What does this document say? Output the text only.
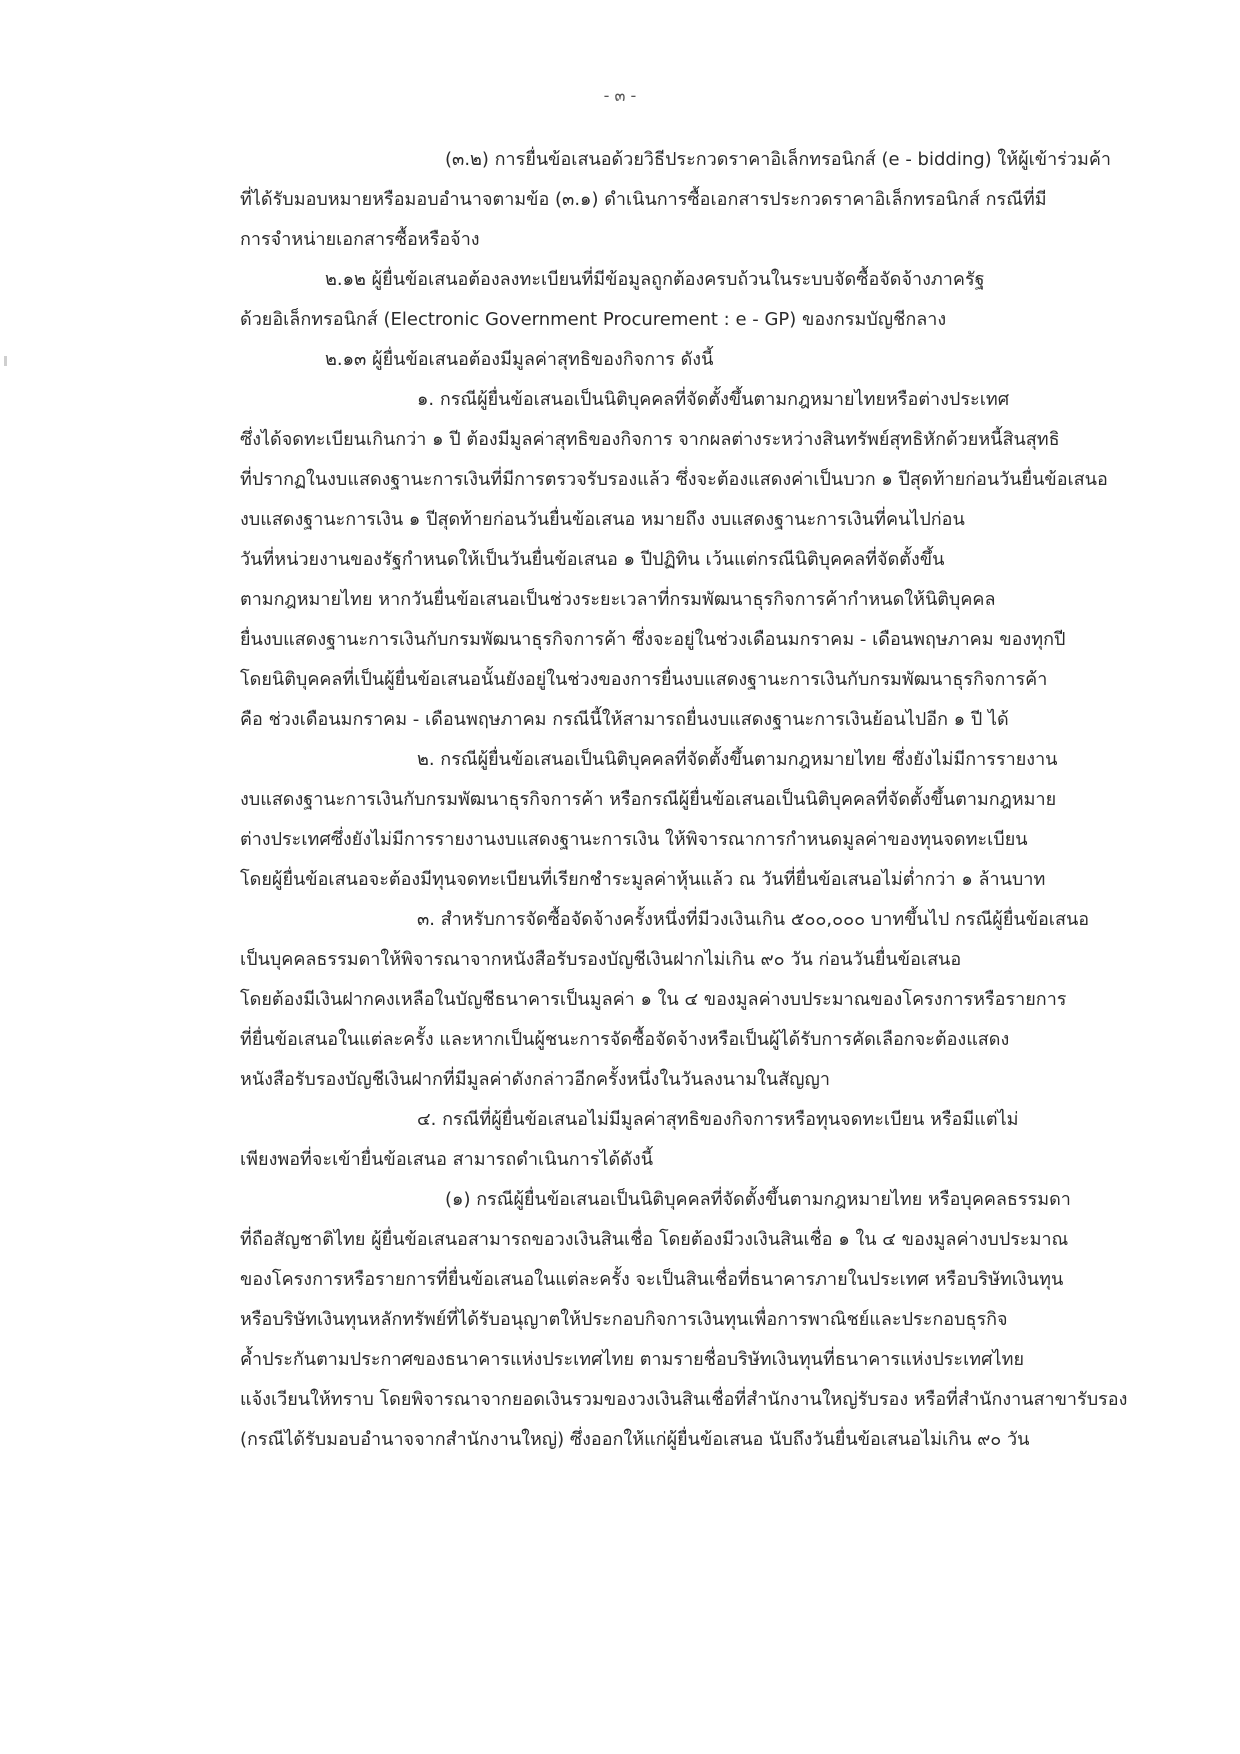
- ๓ -
(๓.๒) การยื่นข้อเสนอด้วยวิธีประกวดราคาอิเล็กทรอนิกส์ (e - bidding) ให้ผู้เข้าร่วมค้า
ที่ได้รับมอบหมายหรือมอบอำนาจตามข้อ (๓.๑) ดำเนินการซื้อเอกสารประกวดราคาอิเล็กทรอนิกส์ กรณีที่มี
การจำหน่ายเอกสารซื้อหรือจ้าง
๒.๑๒ ผู้ยื่นข้อเสนอต้องลงทะเบียนที่มีข้อมูลถูกต้องครบถ้วนในระบบจัดซื้อจัดจ้างภาครัฐ
ด้วยอิเล็กทรอนิกส์ (Electronic Government Procurement : e - GP) ของกรมบัญชีกลาง
๒.๑๓ ผู้ยื่นข้อเสนอต้องมีมูลค่าสุทธิของกิจการ ดังนี้
๑. กรณีผู้ยื่นข้อเสนอเป็นนิติบุคคลที่จัดตั้งขึ้นตามกฎหมายไทยหรือต่างประเทศ
ซึ่งได้จดทะเบียนเกินกว่า ๑ ปี ต้องมีมูลค่าสุทธิของกิจการ จากผลต่างระหว่างสินทรัพย์สุทธิหักด้วยหนี้สินสุทธิ
ที่ปรากฏในงบแสดงฐานะการเงินที่มีการตรวจรับรองแล้ว ซึ่งจะต้องแสดงค่าเป็นบวก ๑ ปีสุดท้ายก่อนวันยื่นข้อเสนอ
งบแสดงฐานะการเงิน ๑ ปีสุดท้ายก่อนวันยื่นข้อเสนอ หมายถึง งบแสดงฐานะการเงินที่คนไปก่อน
วันที่หน่วยงานของรัฐกำหนดให้เป็นวันยื่นข้อเสนอ ๑ ปีปฏิทิน เว้นแต่กรณีนิติบุคคลที่จัดตั้งขึ้น
ตามกฎหมายไทย หากวันยื่นข้อเสนอเป็นช่วงระยะเวลาที่กรมพัฒนาธุรกิจการค้ากำหนดให้นิติบุคคล
ยื่นงบแสดงฐานะการเงินกับกรมพัฒนาธุรกิจการค้า ซึ่งจะอยู่ในช่วงเดือนมกราคม - เดือนพฤษภาคม ของทุกปี
โดยนิติบุคคลที่เป็นผู้ยื่นข้อเสนอนั้นยังอยู่ในช่วงของการยื่นงบแสดงฐานะการเงินกับกรมพัฒนาธุรกิจการค้า
คือ ช่วงเดือนมกราคม - เดือนพฤษภาคม กรณีนี้ให้สามารถยื่นงบแสดงฐานะการเงินย้อนไปอีก ๑ ปี ได้
๒. กรณีผู้ยื่นข้อเสนอเป็นนิติบุคคลที่จัดตั้งขึ้นตามกฎหมายไทย ซึ่งยังไม่มีการรายงาน
งบแสดงฐานะการเงินกับกรมพัฒนาธุรกิจการค้า หรือกรณีผู้ยื่นข้อเสนอเป็นนิติบุคคลที่จัดตั้งขึ้นตามกฎหมาย
ต่างประเทศซึ่งยังไม่มีการรายงานงบแสดงฐานะการเงิน ให้พิจารณาการกำหนดมูลค่าของทุนจดทะเบียน
โดยผู้ยื่นข้อเสนอจะต้องมีทุนจดทะเบียนที่เรียกชำระมูลค่าหุ้นแล้ว ณ วันที่ยื่นข้อเสนอไม่ต่ำกว่า ๑ ล้านบาท
๓. สำหรับการจัดซื้อจัดจ้างครั้งหนึ่งที่มีวงเงินเกิน ๕๐๐,๐๐๐ บาทขึ้นไป กรณีผู้ยื่นข้อเสนอ
เป็นบุคคลธรรมดาให้พิจารณาจากหนังสือรับรองบัญชีเงินฝากไม่เกิน ๙๐ วัน ก่อนวันยื่นข้อเสนอ
โดยต้องมีเงินฝากคงเหลือในบัญชีธนาคารเป็นมูลค่า ๑ ใน ๔ ของมูลค่างบประมาณของโครงการหรือรายการ
ที่ยื่นข้อเสนอในแต่ละครั้ง และหากเป็นผู้ชนะการจัดซื้อจัดจ้างหรือเป็นผู้ได้รับการคัดเลือกจะต้องแสดง
หนังสือรับรองบัญชีเงินฝากที่มีมูลค่าดังกล่าวอีกครั้งหนึ่งในวันลงนามในสัญญา
๔. กรณีที่ผู้ยื่นข้อเสนอไม่มีมูลค่าสุทธิของกิจการหรือทุนจดทะเบียน หรือมีแต่ไม่
เพียงพอที่จะเข้ายื่นข้อเสนอ สามารถดำเนินการได้ดังนี้
(๑) กรณีผู้ยื่นข้อเสนอเป็นนิติบุคคลที่จัดตั้งขึ้นตามกฎหมายไทย หรือบุคคลธรรมดา
ที่ถือสัญชาติไทย ผู้ยื่นข้อเสนอสามารถขอวงเงินสินเชื่อ โดยต้องมีวงเงินสินเชื่อ ๑ ใน ๔ ของมูลค่างบประมาณ
ของโครงการหรือรายการที่ยื่นข้อเสนอในแต่ละครั้ง จะเป็นสินเชื่อที่ธนาคารภายในประเทศ หรือบริษัทเงินทุน
หรือบริษัทเงินทุนหลักทรัพย์ที่ได้รับอนุญาตให้ประกอบกิจการเงินทุนเพื่อการพาณิชย์และประกอบธุรกิจ
ค้ำประกันตามประกาศของธนาคารแห่งประเทศไทย ตามรายชื่อบริษัทเงินทุนที่ธนาคารแห่งประเทศไทย
แจ้งเวียนให้ทราบ โดยพิจารณาจากยอดเงินรวมของวงเงินสินเชื่อที่สำนักงานใหญ่รับรอง หรือที่สำนักงานสาขารับรอง
(กรณีได้รับมอบอำนาจจากสำนักงานใหญ่) ซึ่งออกให้แก่ผู้ยื่นข้อเสนอ นับถึงวันยื่นข้อเสนอไม่เกิน ๙๐ วัน
